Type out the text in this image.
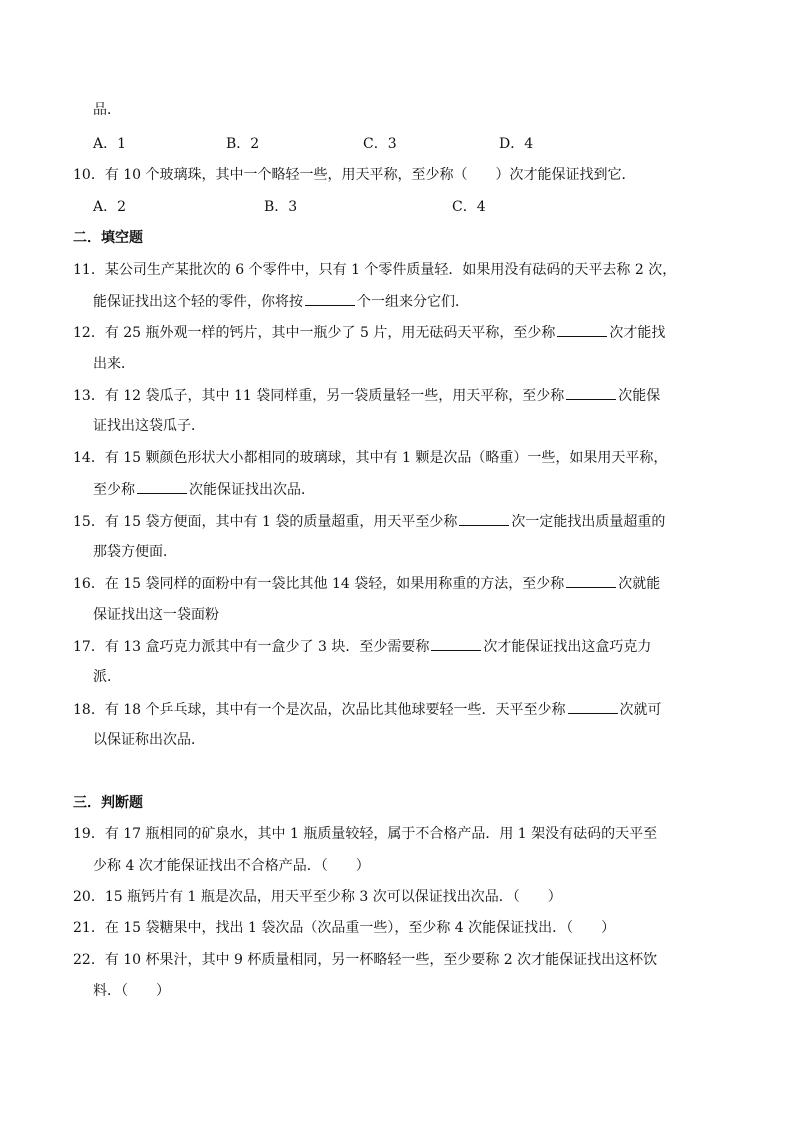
品．
A．1	B．2	C．3	D．4
10．有 10 个玻璃珠，其中一个略轻一些，用天平称，至少称（　　）次才能保证找到它．
A．2	B．3	C．4
二．填空题
11．某公司生产某批次的 6 个零件中，只有 1 个零件质量轻．如果用没有砝码的天平去称 2 次，
能保证找出这个轻的零件，你将按	个一组来分它们．
12．有 25 瓶外观一样的钙片，其中一瓶少了 5 片，用无砝码天平称，至少称	次才能找
出来．
13．有 12 袋瓜子，其中 11 袋同样重，另一袋质量轻一些，用天平称，至少称	次能保
证找出这袋瓜子．
14．有 15 颗颜色形状大小都相同的玻璃球，其中有 1 颗是次品（略重）一些，如果用天平称，
至少称	次能保证找出次品．
15．有 15 袋方便面，其中有 1 袋的质量超重，用天平至少称	次一定能找出质量超重的
那袋方便面．
16．在 15 袋同样的面粉中有一袋比其他 14 袋轻，如果用称重的方法，至少称	次就能
保证找出这一袋面粉
17．有 13 盒巧克力派其中有一盒少了 3 块．至少需要称	次才能保证找出这盒巧克力
派．
18．有 18 个乒乓球，其中有一个是次品，次品比其他球要轻一些．天平至少称	次就可
以保证称出次品．
三．判断题
19．有 17 瓶相同的矿泉水，其中 1 瓶质量较轻，属于不合格产品．用 1 架没有砝码的天平至
少称 4 次才能保证找出不合格产品．（　　）
20．15 瓶钙片有 1 瓶是次品，用天平至少称 3 次可以保证找出次品．（　　）
21．在 15 袋糖果中，找出 1 袋次品（次品重一些），至少称 4 次能保证找出．（　　）
22．有 10 杯果汁，其中 9 杯质量相同，另一杯略轻一些，至少要称 2 次才能保证找出这杯饮
料．（　　）
